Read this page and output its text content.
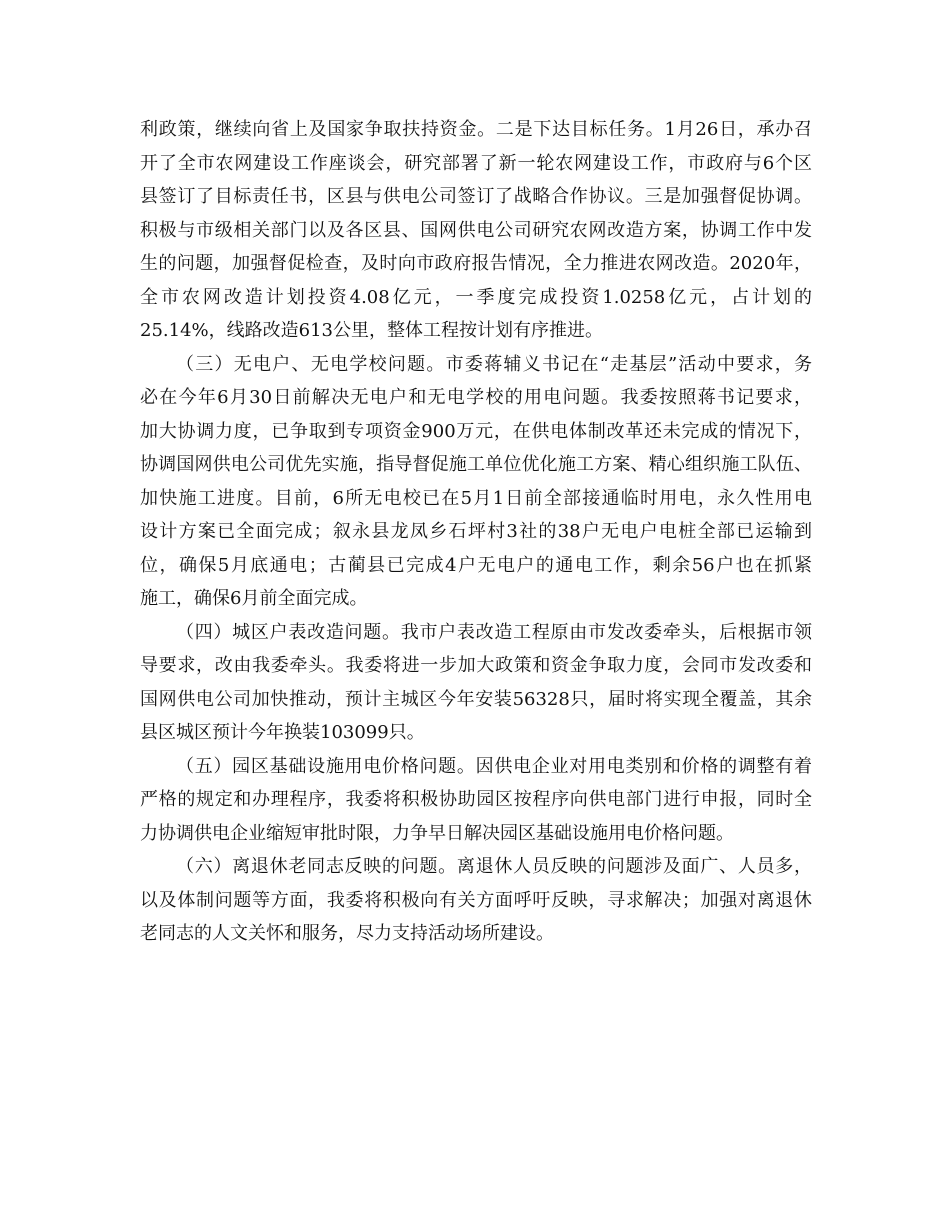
利政策，继续向省上及国家争取扶持资金。二是下达目标任务。1月26日，承办召
开了全市农网建设工作座谈会，研究部署了新一轮农网建设工作，市政府与6个区
县签订了目标责任书，区县与供电公司签订了战略合作协议。三是加强督促协调。
积极与市级相关部门以及各区县、国网供电公司研究农网改造方案，协调工作中发
生的问题，加强督促检查，及时向市政府报告情况，全力推进农网改造。2020年，
全市农网改造计划投资4.08亿元，一季度完成投资1.0258亿元，占计划的
25.14%，线路改造613公里，整体工程按计划有序推进。
（三）无电户、无电学校问题。市委蒋辅义书记在“走基层”活动中要求，务
必在今年6月30日前解决无电户和无电学校的用电问题。我委按照蒋书记要求，
加大协调力度，已争取到专项资金900万元，在供电体制改革还未完成的情况下，
协调国网供电公司优先实施，指导督促施工单位优化施工方案、精心组织施工队伍、
加快施工进度。目前，6所无电校已在5月1日前全部接通临时用电，永久性用电
设计方案已全面完成；叙永县龙凤乡石坪村3社的38户无电户电桩全部已运输到
位，确保5月底通电；古蔺县已完成4户无电户的通电工作，剩余56户也在抓紧
施工，确保6月前全面完成。
（四）城区户表改造问题。我市户表改造工程原由市发改委牵头，后根据市领
导要求，改由我委牵头。我委将进一步加大政策和资金争取力度，会同市发改委和
国网供电公司加快推动，预计主城区今年安装56328只，届时将实现全覆盖，其余
县区城区预计今年换装103099只。
（五）园区基础设施用电价格问题。因供电企业对用电类别和价格的调整有着
严格的规定和办理程序，我委将积极协助园区按程序向供电部门进行申报，同时全
力协调供电企业缩短审批时限，力争早日解决园区基础设施用电价格问题。
（六）离退休老同志反映的问题。离退休人员反映的问题涉及面广、人员多，
以及体制问题等方面，我委将积极向有关方面呼吁反映，寻求解决；加强对离退休
老同志的人文关怀和服务，尽力支持活动场所建设。
